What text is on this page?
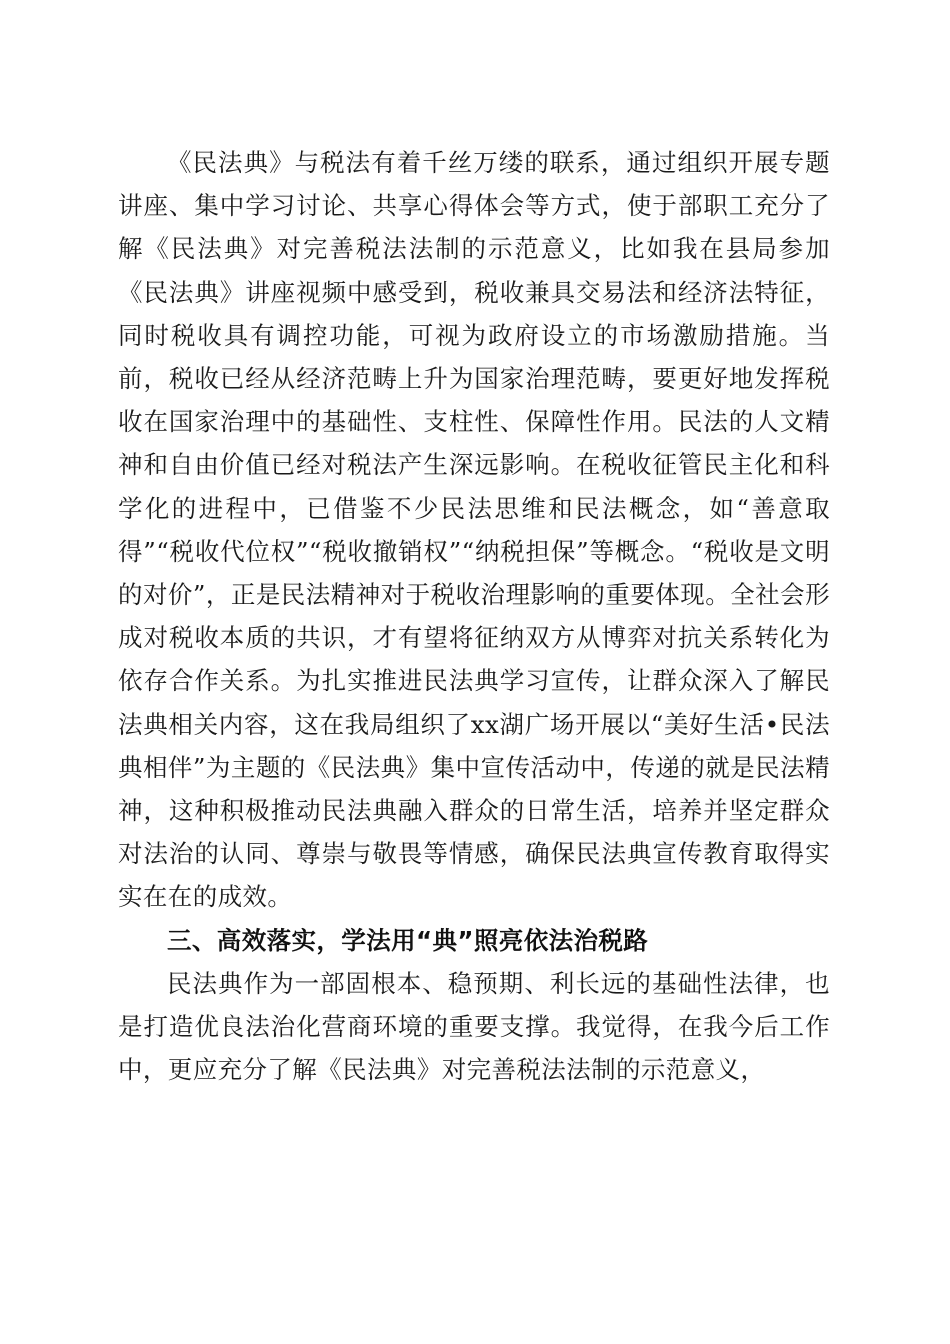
《民法典》与税法有着千丝万缕的联系，通过组织开展专题讲座、集中学习讨论、共享心得体会等方式，使于部职工充分了解《民法典》对完善税法法制的示范意义，比如我在县局参加《民法典》讲座视频中感受到，税收兼具交易法和经济法特征，同时税收具有调控功能，可视为政府设立的市场激励措施。当前，税收已经从经济范畴上升为国家治理范畴，要更好地发挥税收在国家治理中的基础性、支柱性、保障性作用。民法的人文精神和自由价值已经对税法产生深远影响。在税收征管民主化和科学化的进程中，已借鉴不少民法思维和民法概念，如“善意取得”“税收代位权”“税收撤销权”“纳税担保”等概念。“税收是文明的对价”，正是民法精神对于税收治理影响的重要体现。全社会形成对税收本质的共识，才有望将征纳双方从博弈对抗关系转化为依存合作关系。为扎实推进民法典学习宣传，让群众深入了解民法典相关内容，这在我局组织了xx湖广场开展以“美好生活•民法典相伴”为主题的《民法典》集中宣传活动中，传递的就是民法精神，这种积极推动民法典融入群众的日常生活，培养并坚定群众对法治的认同、尊崇与敬畏等情感，确保民法典宣传教育取得实实在在的成效。

三、高效落实，学法用“典”照亮依法治税路

民法典作为一部固根本、稳预期、利长远的基础性法律，也是打造优良法治化营商环境的重要支撑。我觉得，在我今后工作中，更应充分了解《民法典》对完善税法法制的示范意义，
